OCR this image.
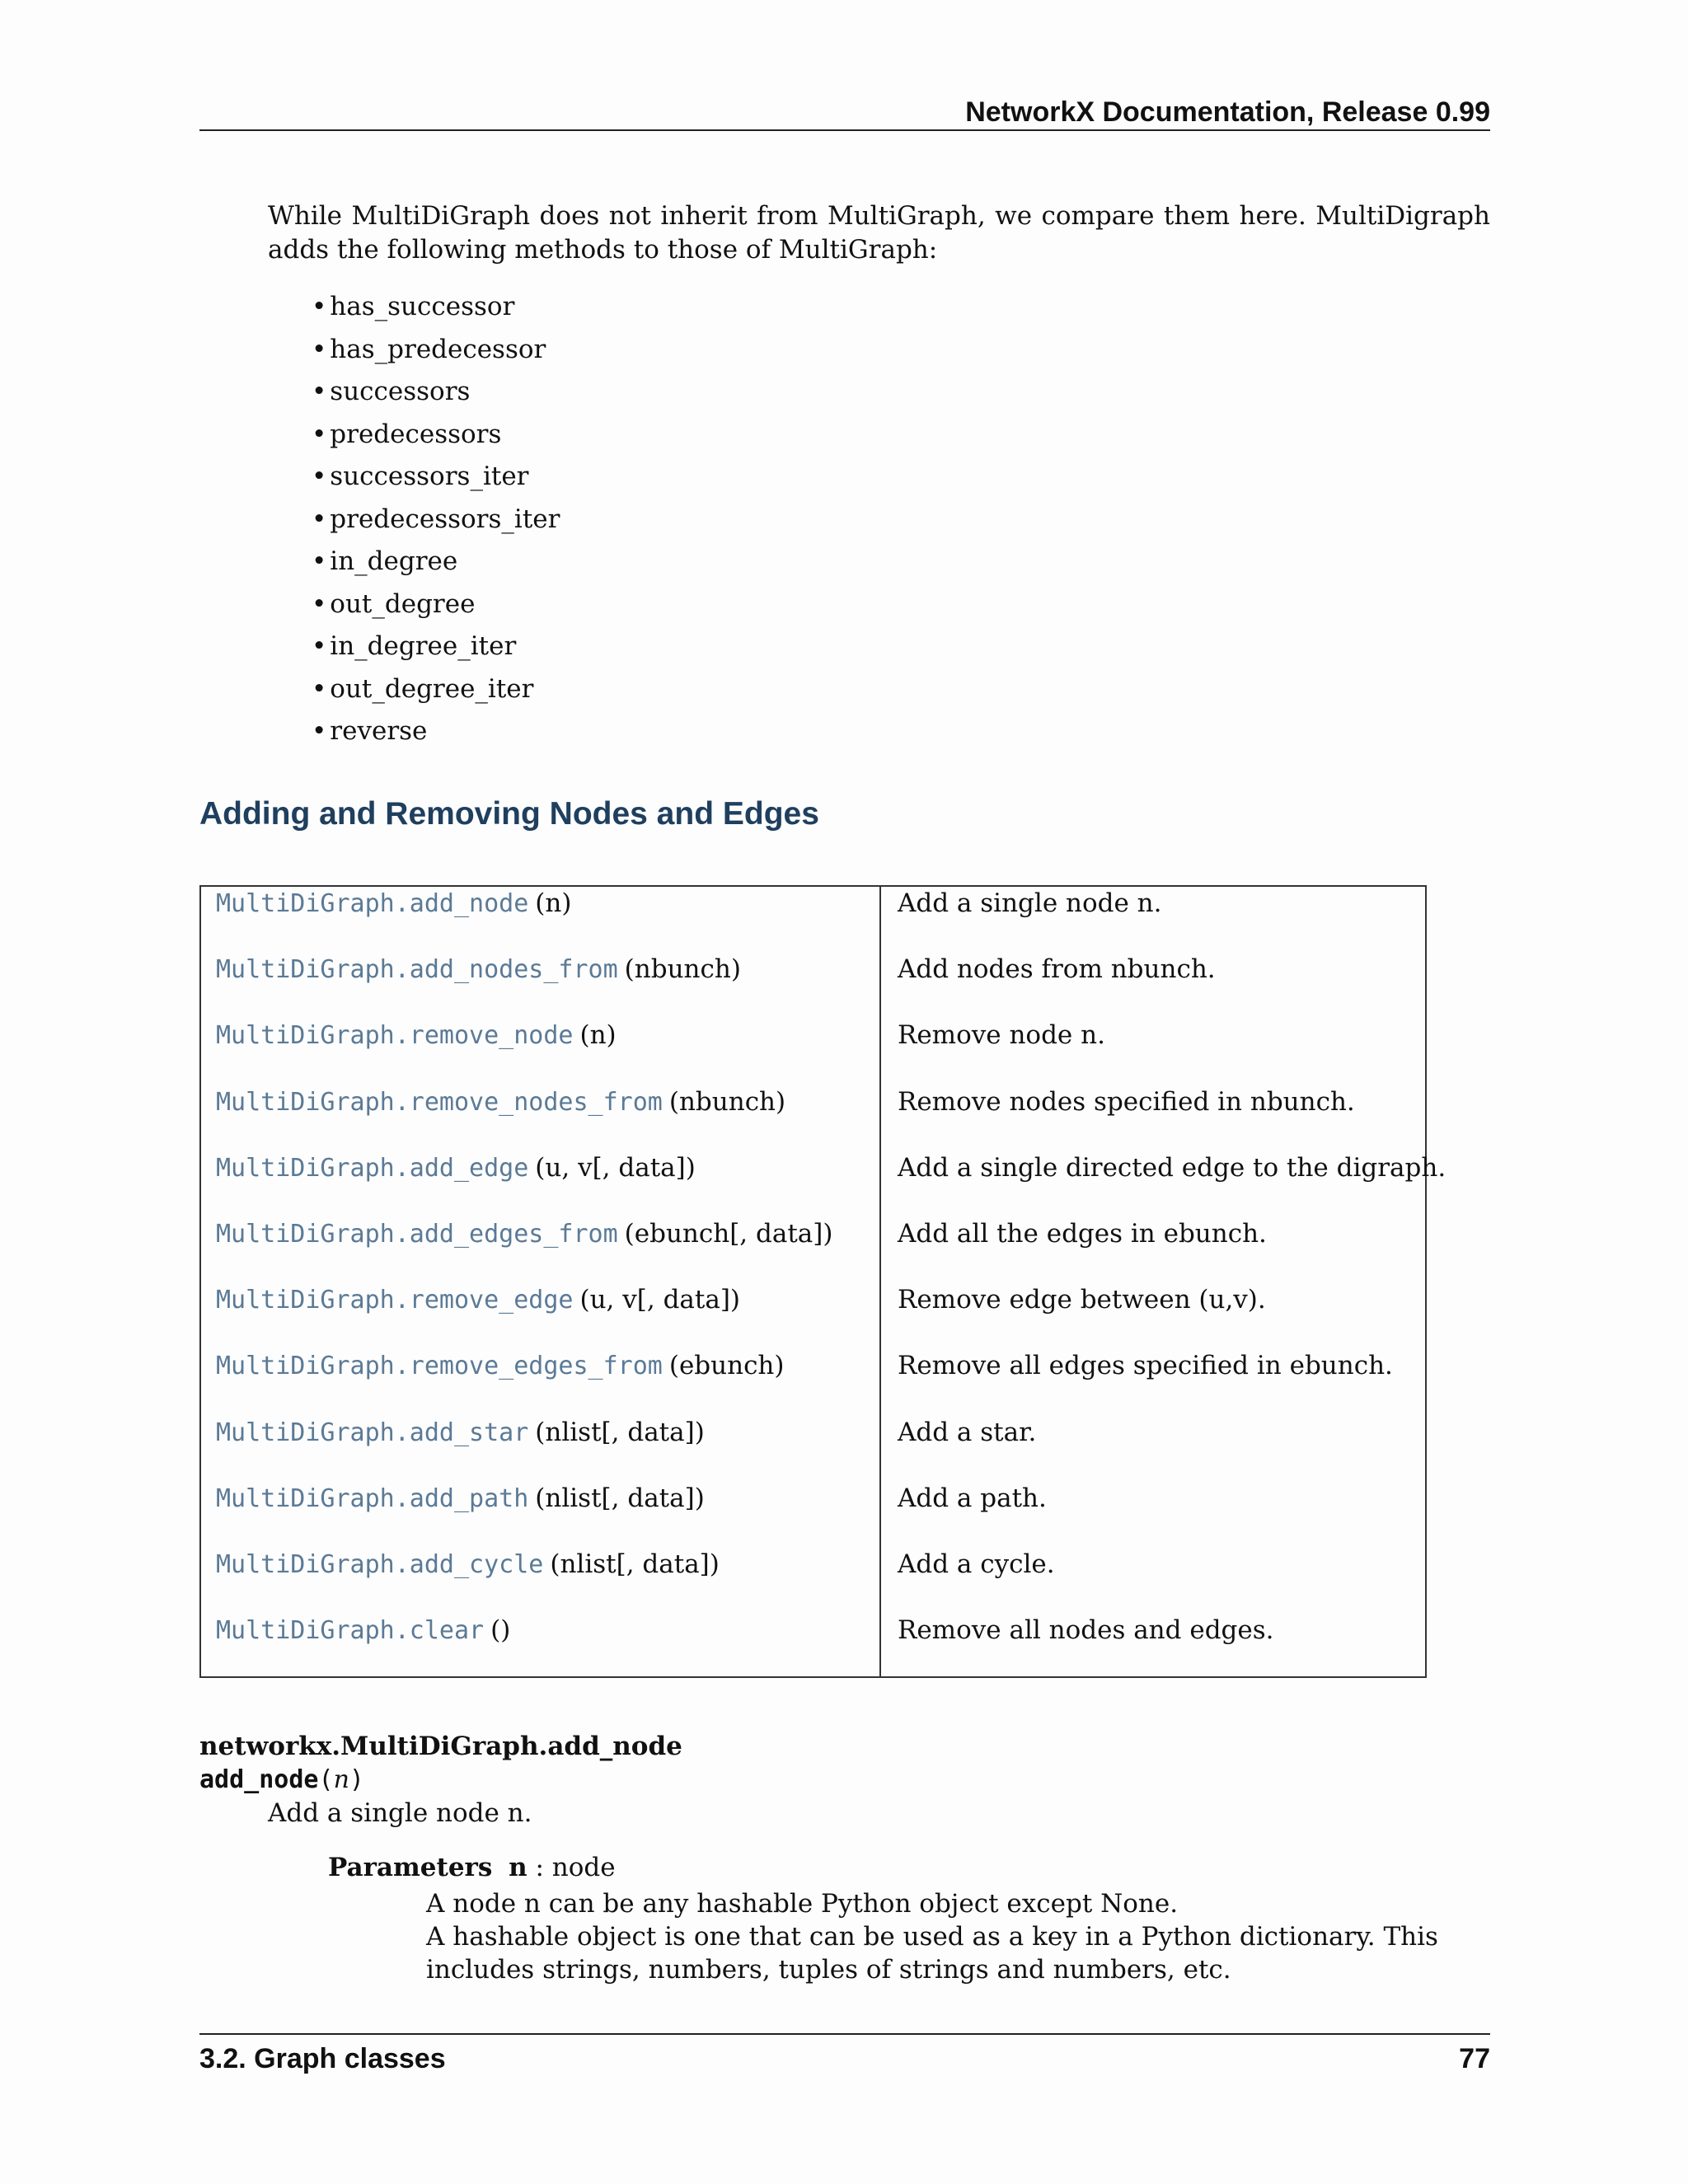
NetworkX Documentation, Release 0.99

While MultiDiGraph does not inherit from MultiGraph, we compare them here. MultiDigraph adds the following methods to those of MultiGraph:

• has_successor
• has_predecessor
• successors
• predecessors
• successors_iter
• predecessors_iter
• in_degree
• out_degree
• in_degree_iter
• out_degree_iter
• reverse
Adding and Removing Nodes and Edges
MultiDiGraph.add_node (n)	Add a single node n.
MultiDiGraph.add_nodes_from (nbunch)	Add nodes from nbunch.
MultiDiGraph.remove_node (n)	Remove node n.
MultiDiGraph.remove_nodes_from (nbunch)	Remove nodes specified in nbunch.
MultiDiGraph.add_edge (u, v[, data])	Add a single directed edge to the digraph.
MultiDiGraph.add_edges_from (ebunch[, data])	Add all the edges in ebunch.
MultiDiGraph.remove_edge (u, v[, data])	Remove edge between (u,v).
MultiDiGraph.remove_edges_from (ebunch)	Remove all edges specified in ebunch.
MultiDiGraph.add_star (nlist[, data])	Add a star.
MultiDiGraph.add_path (nlist[, data])	Add a path.
MultiDiGraph.add_cycle (nlist[, data])	Add a cycle.
MultiDiGraph.clear ()	Remove all nodes and edges.
networkx.MultiDiGraph.add_node
add_node(n)

Add a single node n.

Parameters n : node
A node n can be any hashable Python object except None.
A hashable object is one that can be used as a key in a Python dictionary. This includes strings, numbers, tuples of strings and numbers, etc.
3.2. Graph classes	77
